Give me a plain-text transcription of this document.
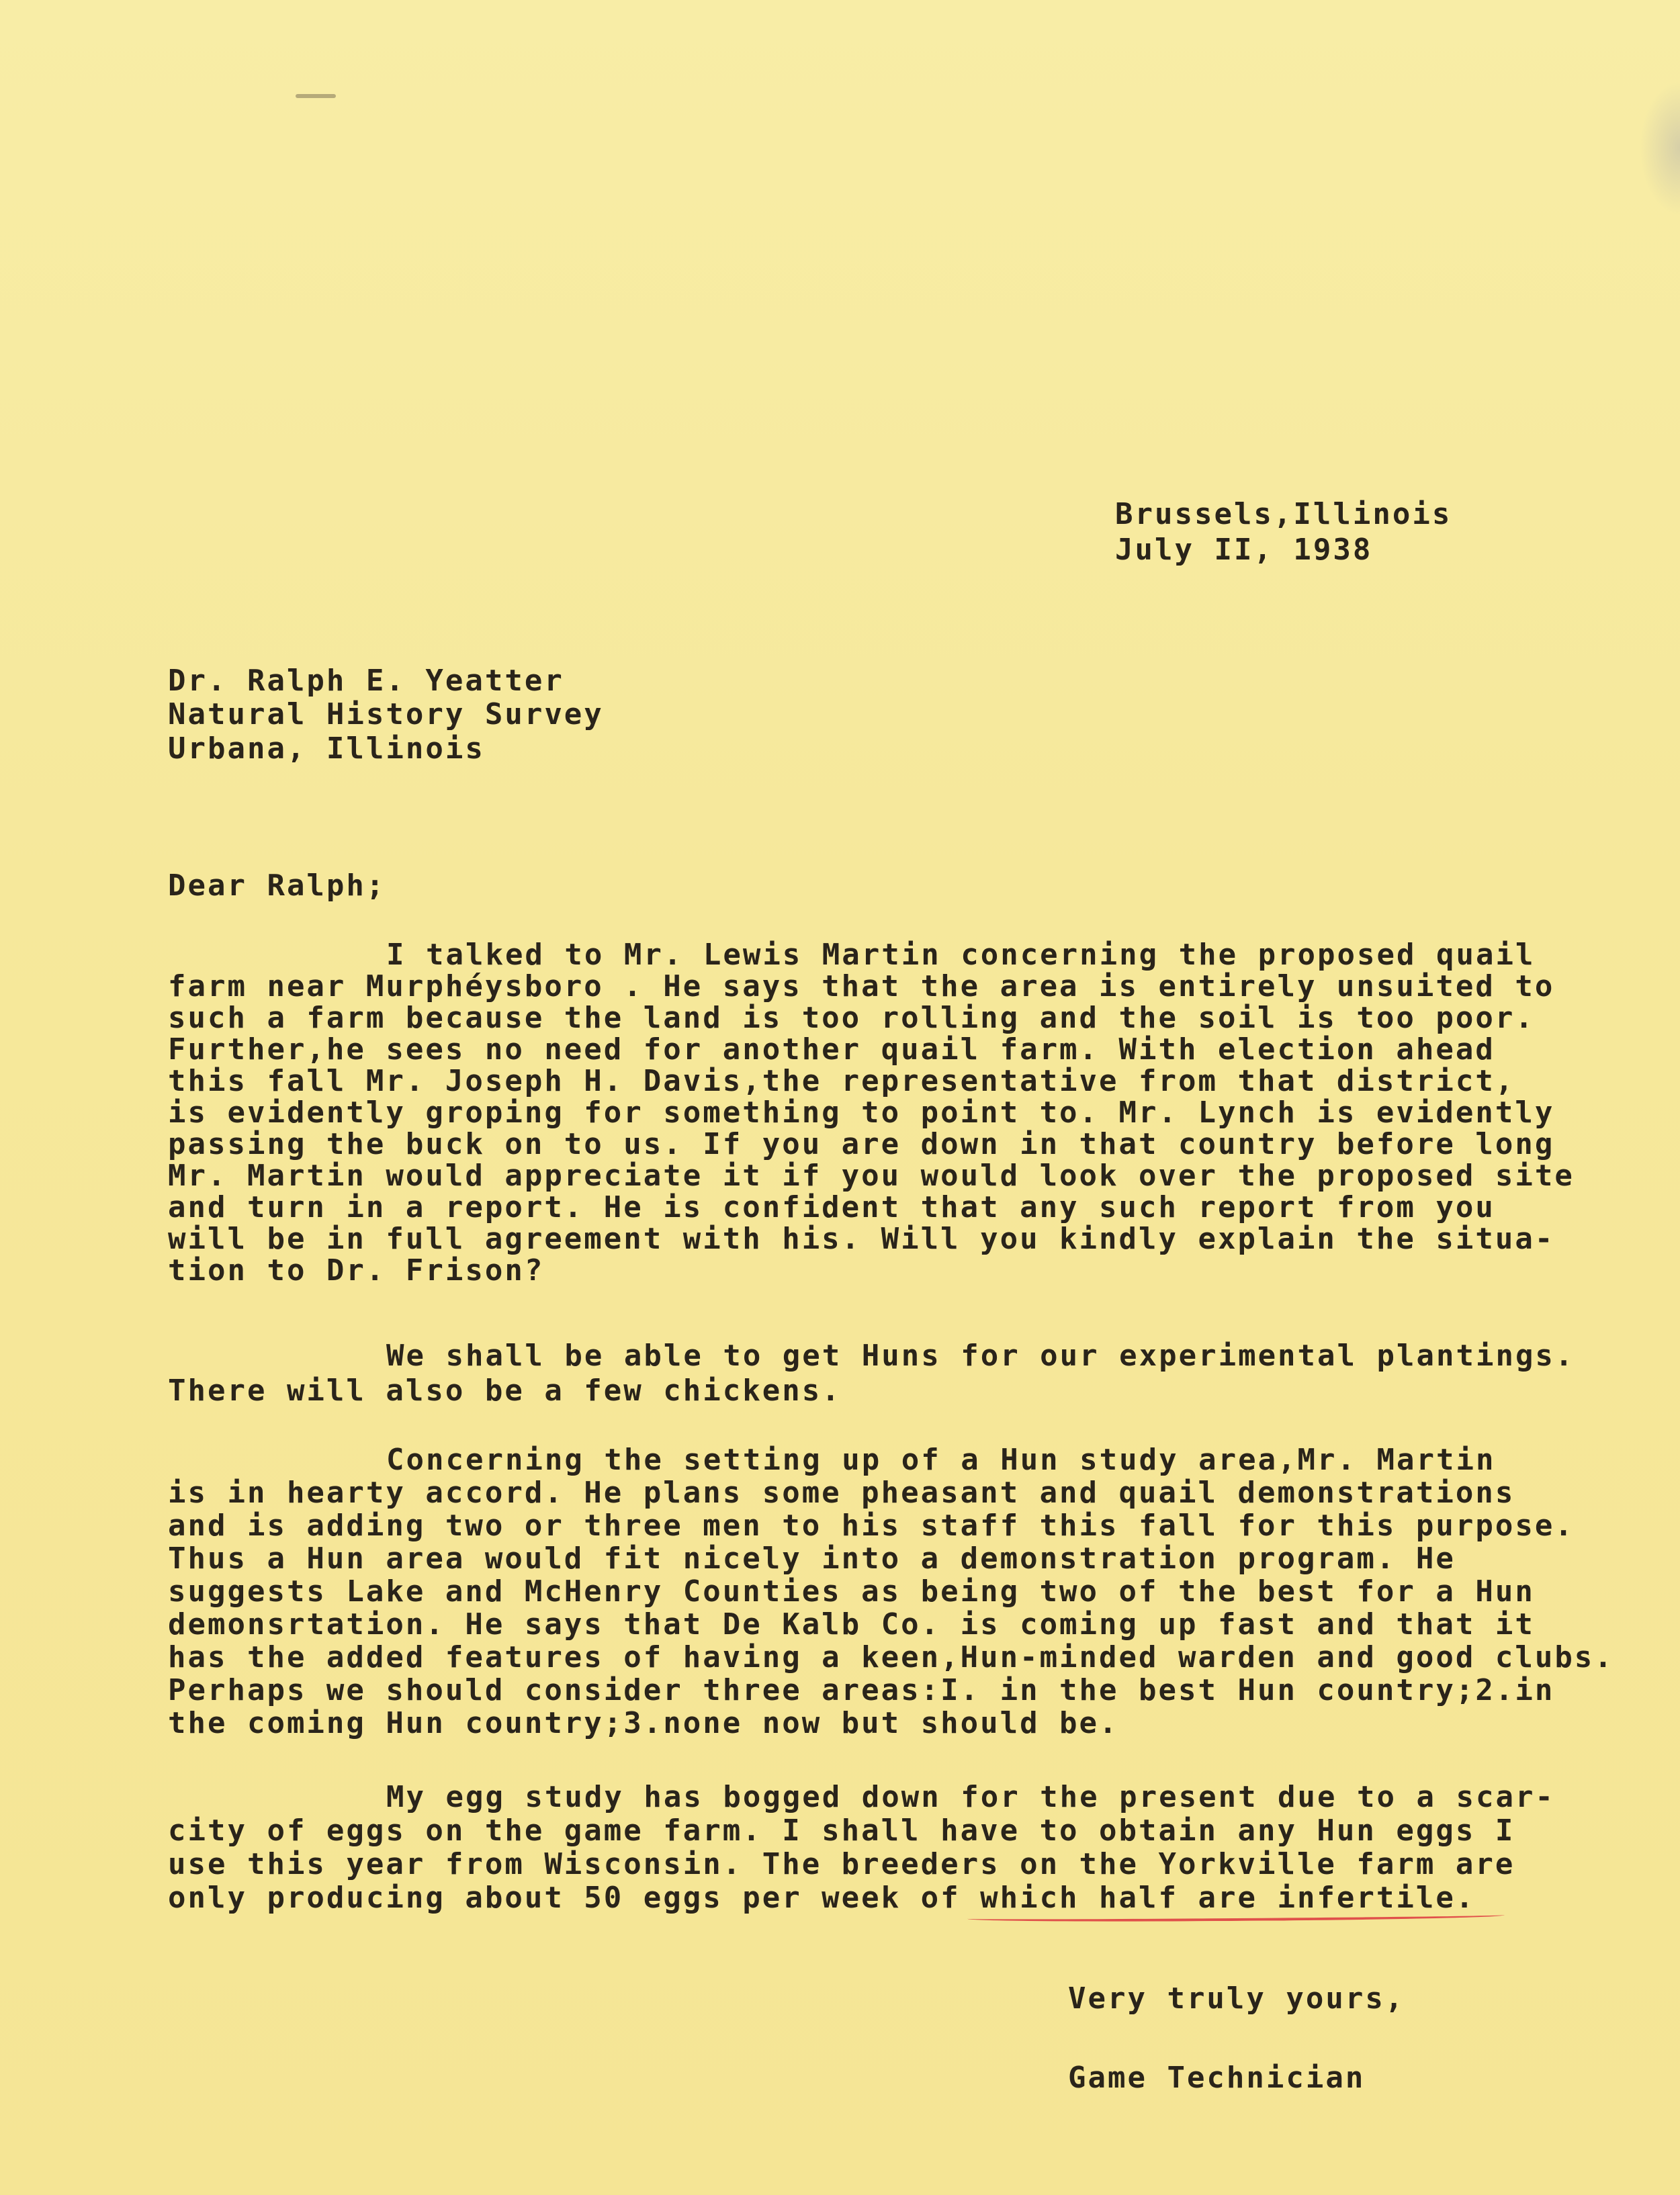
Brussels,Illinois
July II, 1938
Dr. Ralph E. Yeatter
Natural History Survey
Urbana, Illinois
Dear Ralph;
I talked to Mr. Lewis Martin concerning the proposed quail
farm near Murphéysboro . He says that the area is entirely unsuited to
such a farm because the land is too rolling and the soil is too poor.
Further,he sees no need for another quail farm. With election ahead
this fall Mr. Joseph H. Davis,the representative from that district,
is evidently groping for something to point to. Mr. Lynch is evidently
passing the buck on to us. If you are down in that country before long
Mr. Martin would appreciate it if you would look over the proposed site
and turn in a report. He is confident that any such report from you
will be in full agreement with his. Will you kindly explain the situa-
tion to Dr. Frison?
We shall be able to get Huns for our experimental plantings.
There will also be a few chickens.
Concerning the setting up of a Hun study area,Mr. Martin
is in hearty accord. He plans some pheasant and quail demonstrations
and is adding two or three men to his staff this fall for this purpose.
Thus a Hun area would fit nicely into a demonstration program. He
suggests Lake and McHenry Counties as being two of the best for a Hun
demonsrtation. He says that De Kalb Co. is coming up fast and that it
has the added features of having a keen,Hun-minded warden and good clubs.
Perhaps we should consider three areas:I. in the best Hun country;2.in
the coming Hun country;3.none now but should be.
My egg study has bogged down for the present due to a scar-
city of eggs on the game farm. I shall have to obtain any Hun eggs I
use this year from Wisconsin. The breeders on the Yorkville farm are
only producing about 50 eggs per week of which half are infertile.
Very truly yours,
Game Technician
